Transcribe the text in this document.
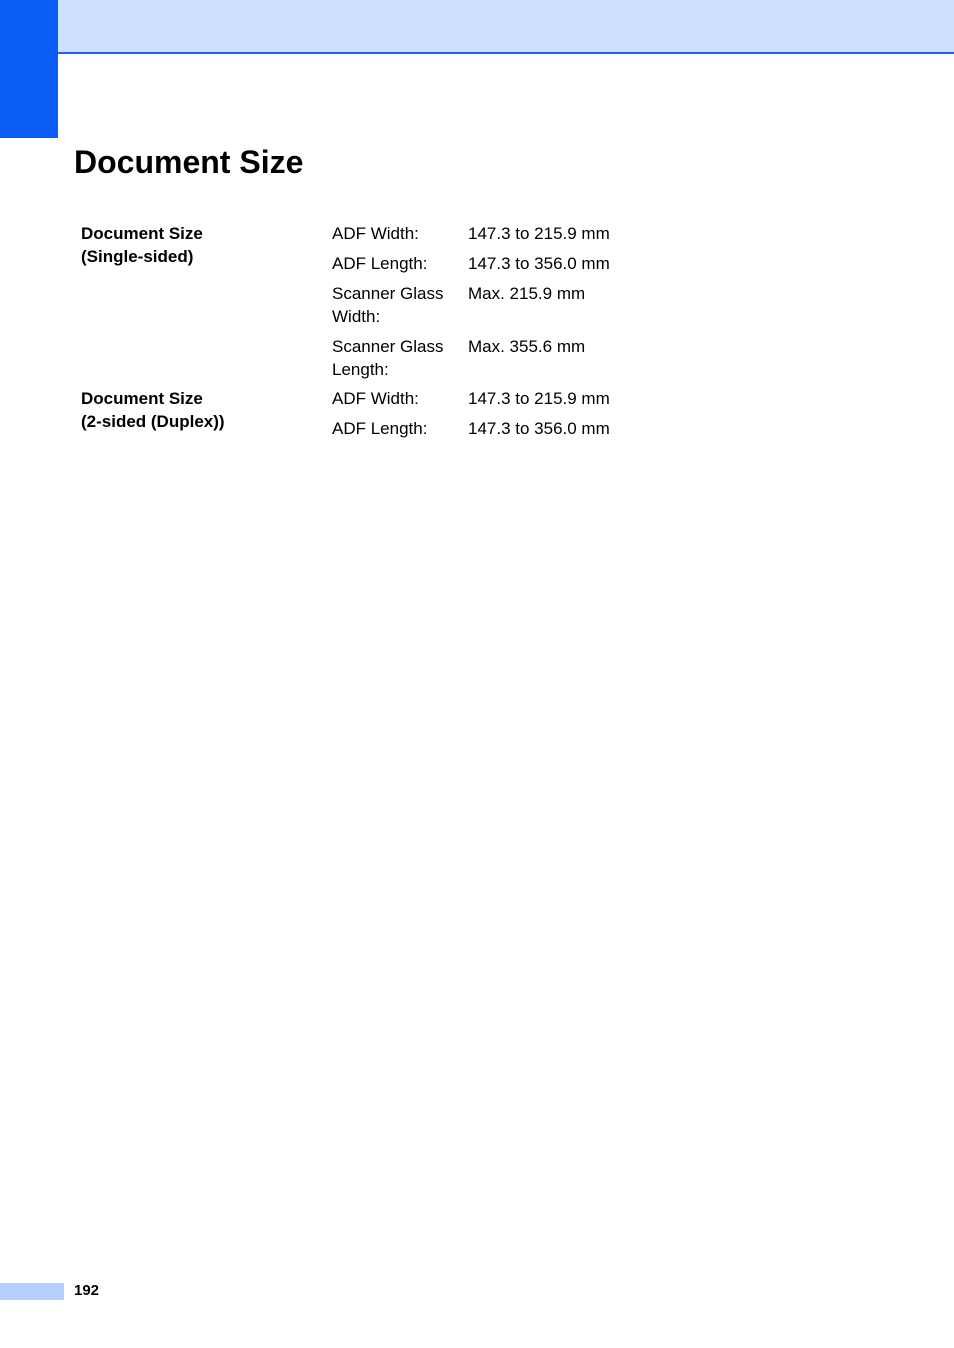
Document Size
Document Size
(Single-sided)	ADF Width:	147.3 to 215.9 mm
	ADF Length:	147.3 to 356.0 mm
	Scanner Glass Width:	Max. 215.9 mm
	Scanner Glass Length:	Max. 355.6 mm

Document Size
(2-sided (Duplex))	ADF Width:	147.3 to 215.9 mm
	ADF Length:	147.3 to 356.0 mm
192
